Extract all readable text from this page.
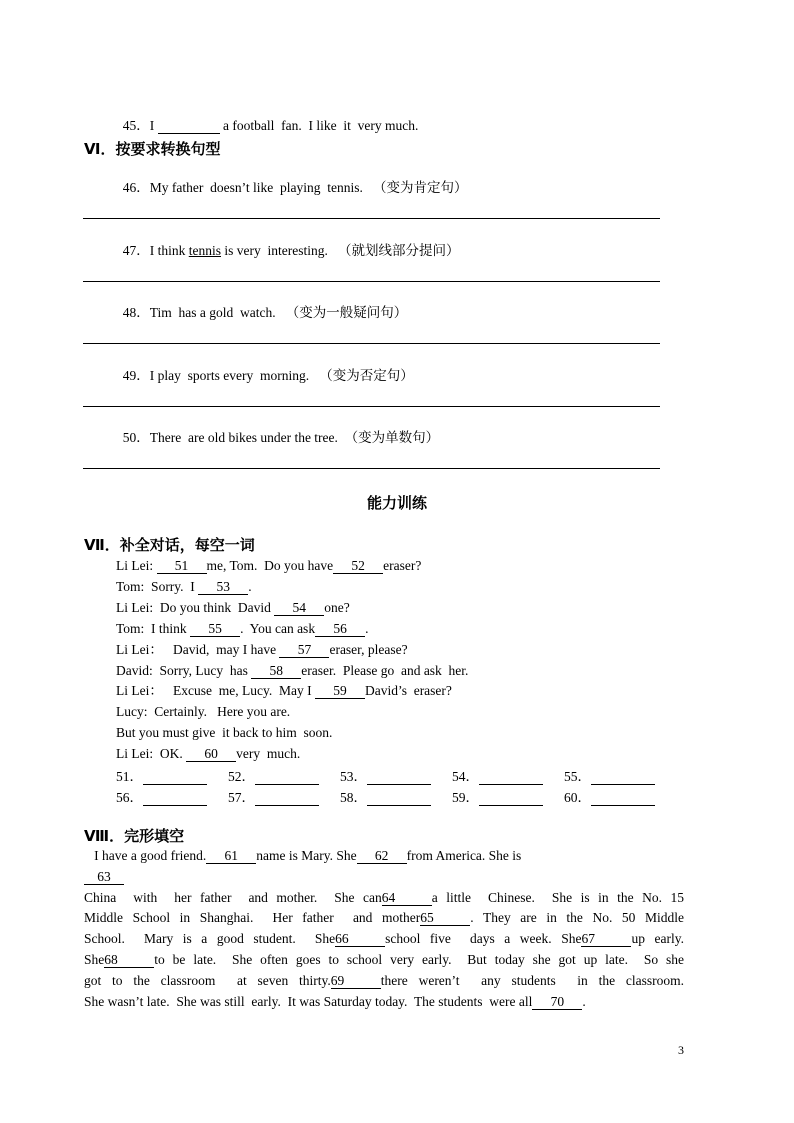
45．I	a football  fan.  I like  it  very much.

Ⅵ．按要求转换句型

46．My father  doesn’t like  playing  tennis. （变为肯定句）

47．I think tennis is very  interesting. （就划线部分提问）

48．Tim  has a gold  watch. （变为一般疑问句）

49．I play  sports every  morning. （变为否定句）

50．There  are old bikes under the tree. （变为单数句）

能力训练
Ⅶ．补全对话，每空一词
Li Lei: 51 me, Tom.  Do you have 52 eraser?
Tom:  Sorry.  I 53 .
Li Lei:  Do you think  David 54 one?
Tom:  I think 55 .  You can ask 56 .
Li Lei：   David,  may I have 57 eraser, please?
David:  Sorry, Lucy  has 58 eraser.  Please go  and ask  her.
Li Lei：   Excuse  me, Lucy.  May I 59 David’s  eraser?
Lucy:  Certainly.   Here you are.
But you must give  it back to him  soon.
Li Lei:  OK. 60 very  much.
51．	52．	53．	54．	55．
56．	57．	58．	59．	60．
Ⅷ．完形填空
I have a good friend. 61 name is Mary. She 62 from America. She is
63
China  with  her father  and mother.  She can64	a little  Chinese.  She is in the No. 15
Middle School in Shanghai.  Her father  and mother65	. They are in the No. 50 Middle
School.  Mary is a good student.  She66	school five  days a week. She67	up early.
She68	to be late.  She often goes to school very early.  But today she got up late.  So she
got to the classroom  at seven thirty.69	there weren’t  any students  in the classroom.
She wasn’t late.  She was still  early.  It was Saturday today.  The students  were all 70 .
3
